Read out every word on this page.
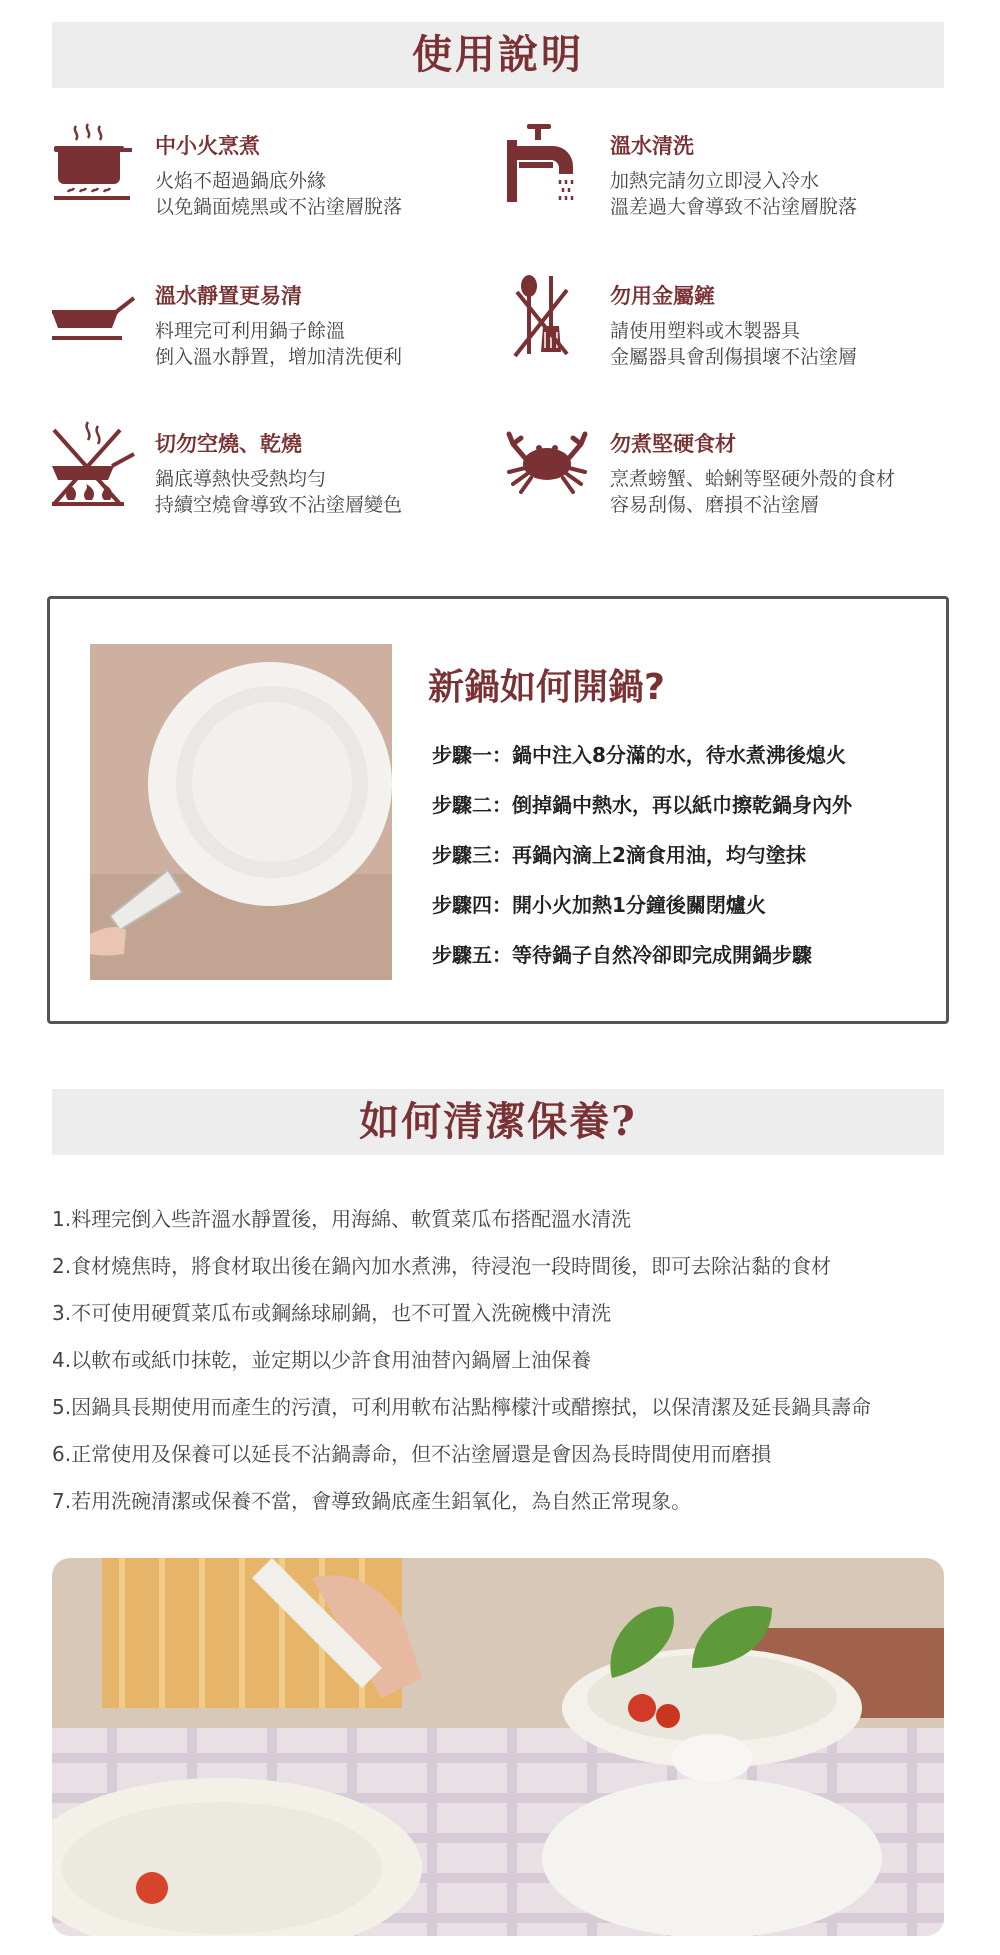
使用說明
中小火烹煮
火焰不超過鍋底外緣
以免鍋面燒黑或不沾塗層脫落
溫水清洗
加熱完請勿立即浸入冷水
溫差過大會導致不沾塗層脫落
溫水靜置更易清
料理完可利用鍋子餘溫
倒入溫水靜置，增加清洗便利
勿用金屬鏟
請使用塑料或木製器具
金屬器具會刮傷損壞不沾塗層
切勿空燒、乾燒
鍋底導熱快受熱均勻
持續空燒會導致不沾塗層變色
勿煮堅硬食材
烹煮螃蟹、蛤蜊等堅硬外殼的食材
容易刮傷、磨損不沾塗層
新鍋如何開鍋?
步驟一：鍋中注入8分滿的水，待水煮沸後熄火
步驟二：倒掉鍋中熱水，再以紙巾擦乾鍋身內外
步驟三：再鍋內滴上2滴食用油，均勻塗抹
步驟四：開小火加熱1分鐘後關閉爐火
步驟五：等待鍋子自然冷卻即完成開鍋步驟
如何清潔保養?
1.料理完倒入些許溫水靜置後，用海綿、軟質菜瓜布搭配溫水清洗
2.食材燒焦時，將食材取出後在鍋內加水煮沸，待浸泡一段時間後，即可去除沾黏的食材
3.不可使用硬質菜瓜布或鋼絲球刷鍋，也不可置入洗碗機中清洗
4.以軟布或紙巾抹乾，並定期以少許食用油替內鍋層上油保養
5.因鍋具長期使用而產生的污漬，可利用軟布沾點檸檬汁或醋擦拭，以保清潔及延長鍋具壽命
6.正常使用及保養可以延長不沾鍋壽命，但不沾塗層還是會因為長時間使用而磨損
7.若用洗碗清潔或保養不當，會導致鍋底產生鋁氧化，為自然正常現象。
